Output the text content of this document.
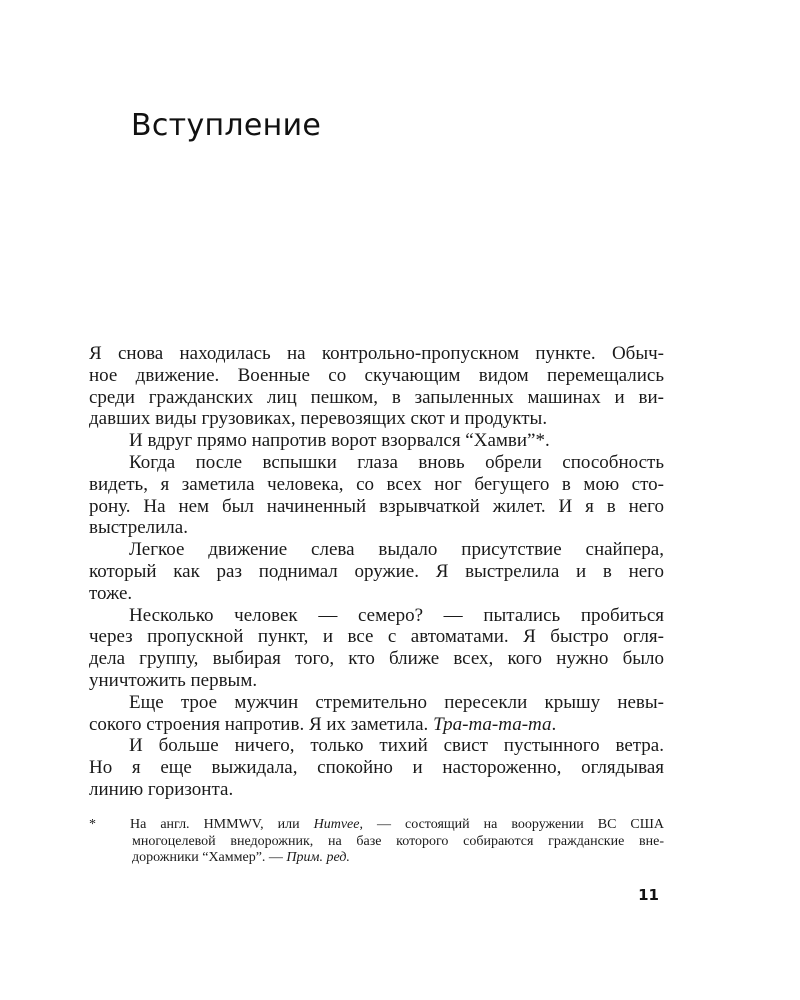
Вступление
Я снова находилась на контрольно-пропускном пункте. Обыч-
ное движение. Военные со скучающим видом перемещались
среди гражданских лиц пешком, в запыленных машинах и ви-
давших виды грузовиках, перевозящих скот и продукты.
И вдруг прямо напротив ворот взорвался “Хамви”*.
Когда после вспышки глаза вновь обрели способность
видеть, я заметила человека, со всех ног бегущего в мою сто-
рону. На нем был начиненный взрывчаткой жилет. И я в него
выстрелила.
Легкое движение слева выдало присутствие снайпера,
который как раз поднимал оружие. Я выстрелила и в него
тоже.
Несколько человек — семеро? — пытались пробиться
через пропускной пункт, и все с автоматами. Я быстро огля-
дела группу, выбирая того, кто ближе всех, кого нужно было
уничтожить первым.
Еще трое мужчин стремительно пересекли крышу невы-
сокого строения напротив. Я их заметила. Тра-та-та-та.
И больше ничего, только тихий свист пустынного ветра.
Но я еще выжидала, спокойно и настороженно, оглядывая
линию горизонта.
* На англ. HMMWV, или Humvee, — состоящий на вооружении ВС США
многоцелевой внедорожник, на базе которого собираются гражданские вне-
дорожники “Хаммер”. — Прим. ред.
11
